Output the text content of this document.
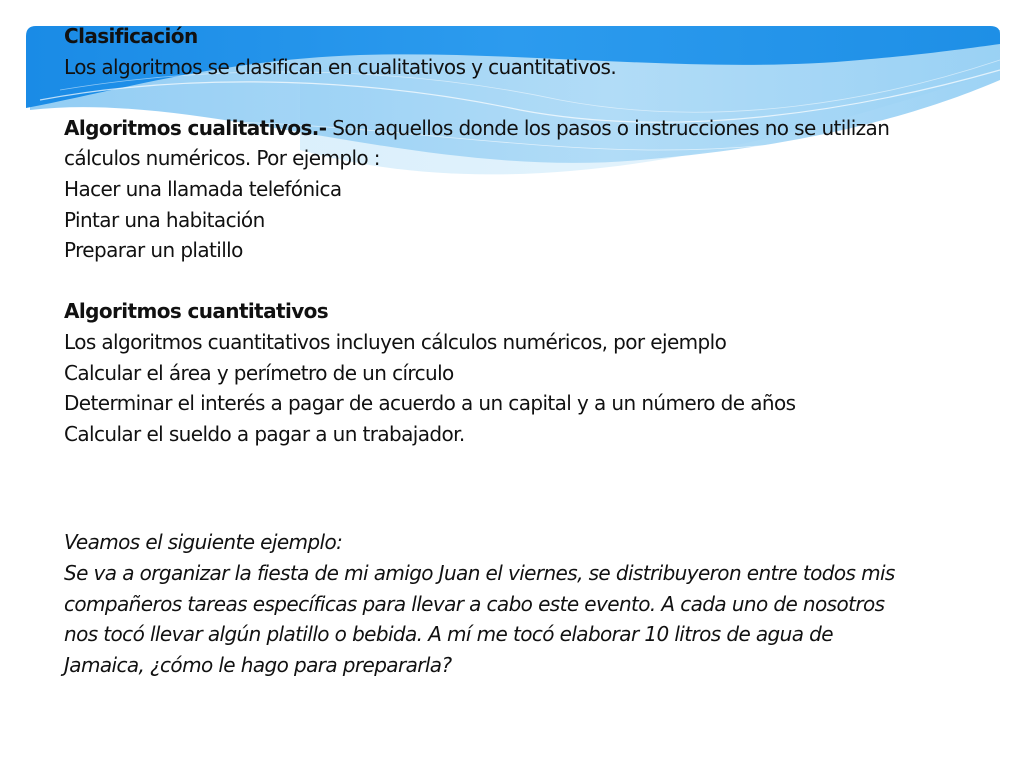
Clasificación
Los algoritmos se clasifican en cualitativos y cuantitativos.
Algoritmos cualitativos.- Son aquellos donde los pasos o instrucciones no se utilizan
cálculos numéricos. Por ejemplo :
Hacer una llamada telefónica
Pintar una habitación
Preparar un platillo
Algoritmos cuantitativos
Los algoritmos cuantitativos incluyen cálculos numéricos, por ejemplo
Calcular el área y perímetro de un círculo
Determinar el interés a pagar de acuerdo a un capital y a un número de años
Calcular el sueldo a pagar a un trabajador.
Veamos el siguiente ejemplo:
Se va a organizar la fiesta de mi amigo Juan el viernes, se distribuyeron entre todos mis
compañeros tareas específicas para llevar a cabo este evento. A cada uno de nosotros
nos tocó llevar algún platillo o bebida. A mí me tocó elaborar 10 litros de agua de
Jamaica, ¿cómo le hago para prepararla?
